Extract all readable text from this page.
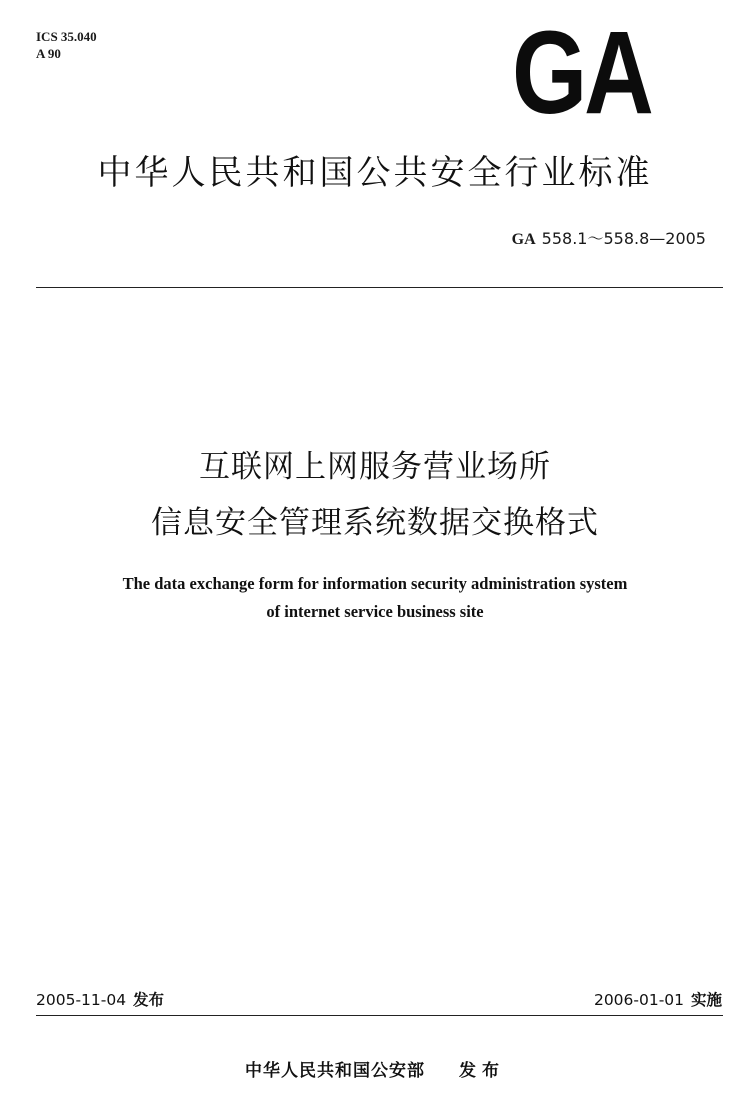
ICS 35.040
A 90	GA
中华人民共和国公共安全行业标准
GA 558.1～558.8—2005
互联网上网服务营业场所
信息安全管理系统数据交换格式
The data exchange form for information security administration system
of internet service business site
2005-11-04 发布	2006-01-01 实施
中华人民共和国公安部 发布
